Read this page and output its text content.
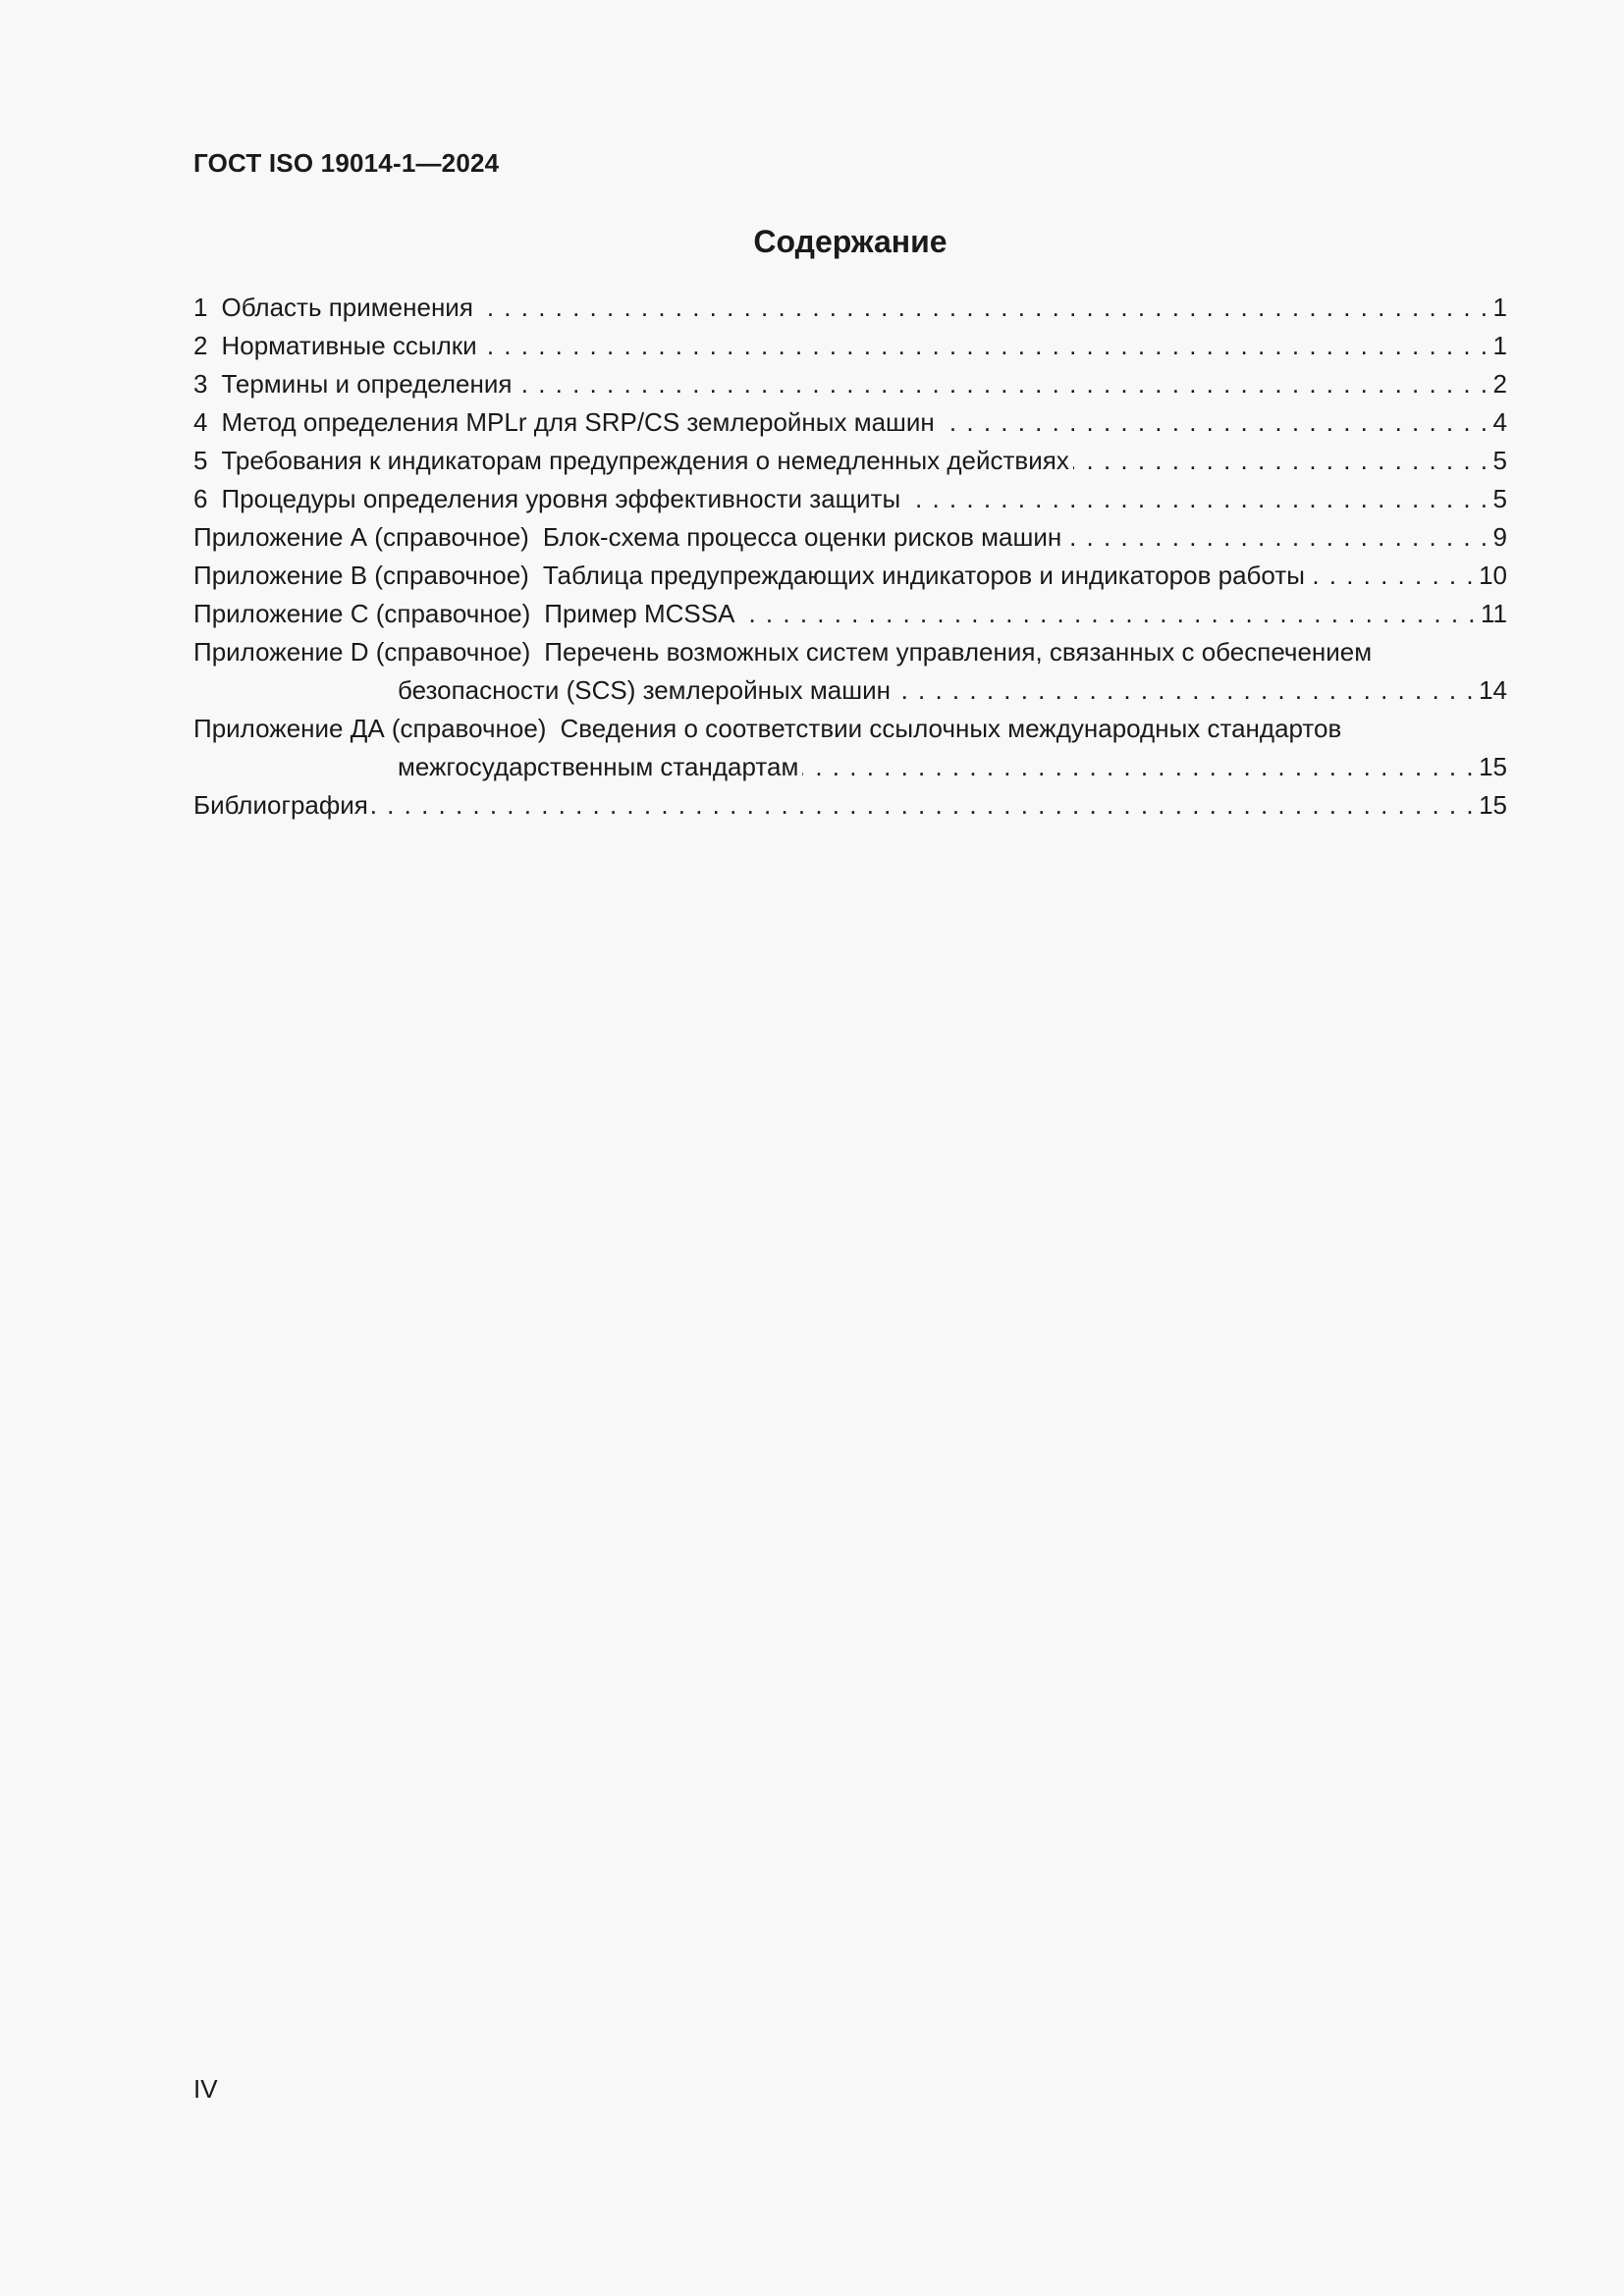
ГОСТ ISO 19014-1—2024
Содержание
1 Область применения . . .	1
2 Нормативные ссылки . . .	1
3 Термины и определения . . .	2
4 Метод определения MPLr для SRP/CS землеройных машин . . .	4
5 Требования к индикаторам предупреждения о немедленных действиях . . .	5
6 Процедуры определения уровня эффективности защиты . . .	5
Приложение А (справочное) Блок-схема процесса оценки рисков машин . . .	9
Приложение В (справочное) Таблица предупреждающих индикаторов и индикаторов работы . . .	10
Приложение С (справочное) Пример MCSSA . . .	11
Приложение D (справочное) Перечень возможных систем управления, связанных с обеспечением
безопасности (SCS) землеройных машин . . .	14
Приложение ДА (справочное) Сведения о соответствии ссылочных международных стандартов
межгосударственным стандартам . . .	15
Библиография . . .	15
IV
